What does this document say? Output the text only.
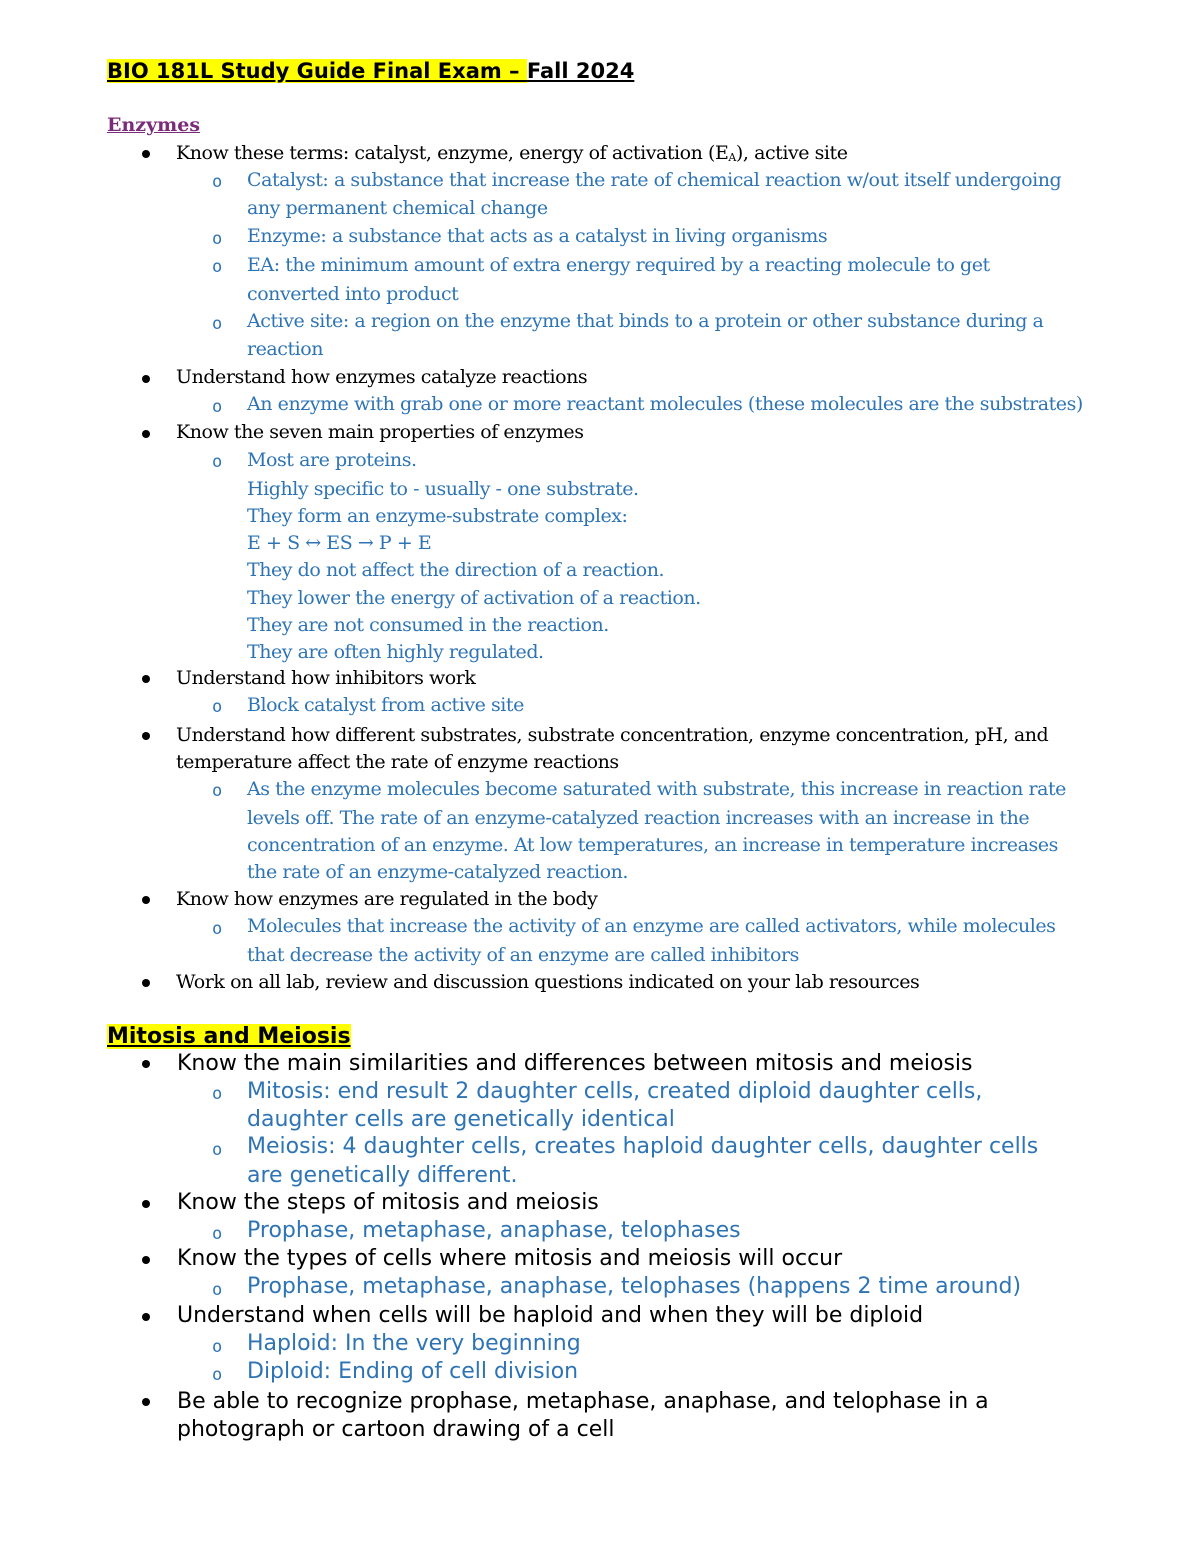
BIO 181L Study Guide Final Exam – Fall 2024
Enzymes
Know these terms: catalyst, enzyme, energy of activation $(E_A)$, active site
o Catalyst: a substance that increase the rate of chemical reaction w/out itself undergoing
any permanent chemical change
o Enzyme: a substance that acts as a catalyst in living organisms
o EA: the minimum amount of extra energy required by a reacting molecule to get
converted into product
o Active site: a region on the enzyme that binds to a protein or other substance during a
reaction
Understand how enzymes catalyze reactions
o An enzyme with grab one or more reactant molecules (these molecules are the substrates)
Know the seven main properties of enzymes
o Most are proteins.
Highly specific to - usually - one substrate.
They form an enzyme-substrate complex:
E + S ↔ ES → P + E
They do not affect the direction of a reaction.
They lower the energy of activation of a reaction.
They are not consumed in the reaction.
They are often highly regulated.
Understand how inhibitors work
o Block catalyst from active site
Understand how different substrates, substrate concentration, enzyme concentration, pH, and
temperature affect the rate of enzyme reactions
o As the enzyme molecules become saturated with substrate, this increase in reaction rate
levels off. The rate of an enzyme-catalyzed reaction increases with an increase in the
concentration of an enzyme. At low temperatures, an increase in temperature increases
the rate of an enzyme-catalyzed reaction.
Know how enzymes are regulated in the body
o Molecules that increase the activity of an enzyme are called activators, while molecules
that decrease the activity of an enzyme are called inhibitors
Work on all lab, review and discussion questions indicated on your lab resources
Mitosis and Meiosis
Know the main similarities and differences between mitosis and meiosis
o Mitosis: end result 2 daughter cells, created diploid daughter cells,
daughter cells are genetically identical
o Meiosis: 4 daughter cells, creates haploid daughter cells, daughter cells
are genetically different.
Know the steps of mitosis and meiosis
o Prophase, metaphase, anaphase, telophases
Know the types of cells where mitosis and meiosis will occur
o Prophase, metaphase, anaphase, telophases (happens 2 time around)
Understand when cells will be haploid and when they will be diploid
o Haploid: In the very beginning
o Diploid: Ending of cell division
Be able to recognize prophase, metaphase, anaphase, and telophase in a
photograph or cartoon drawing of a cell
